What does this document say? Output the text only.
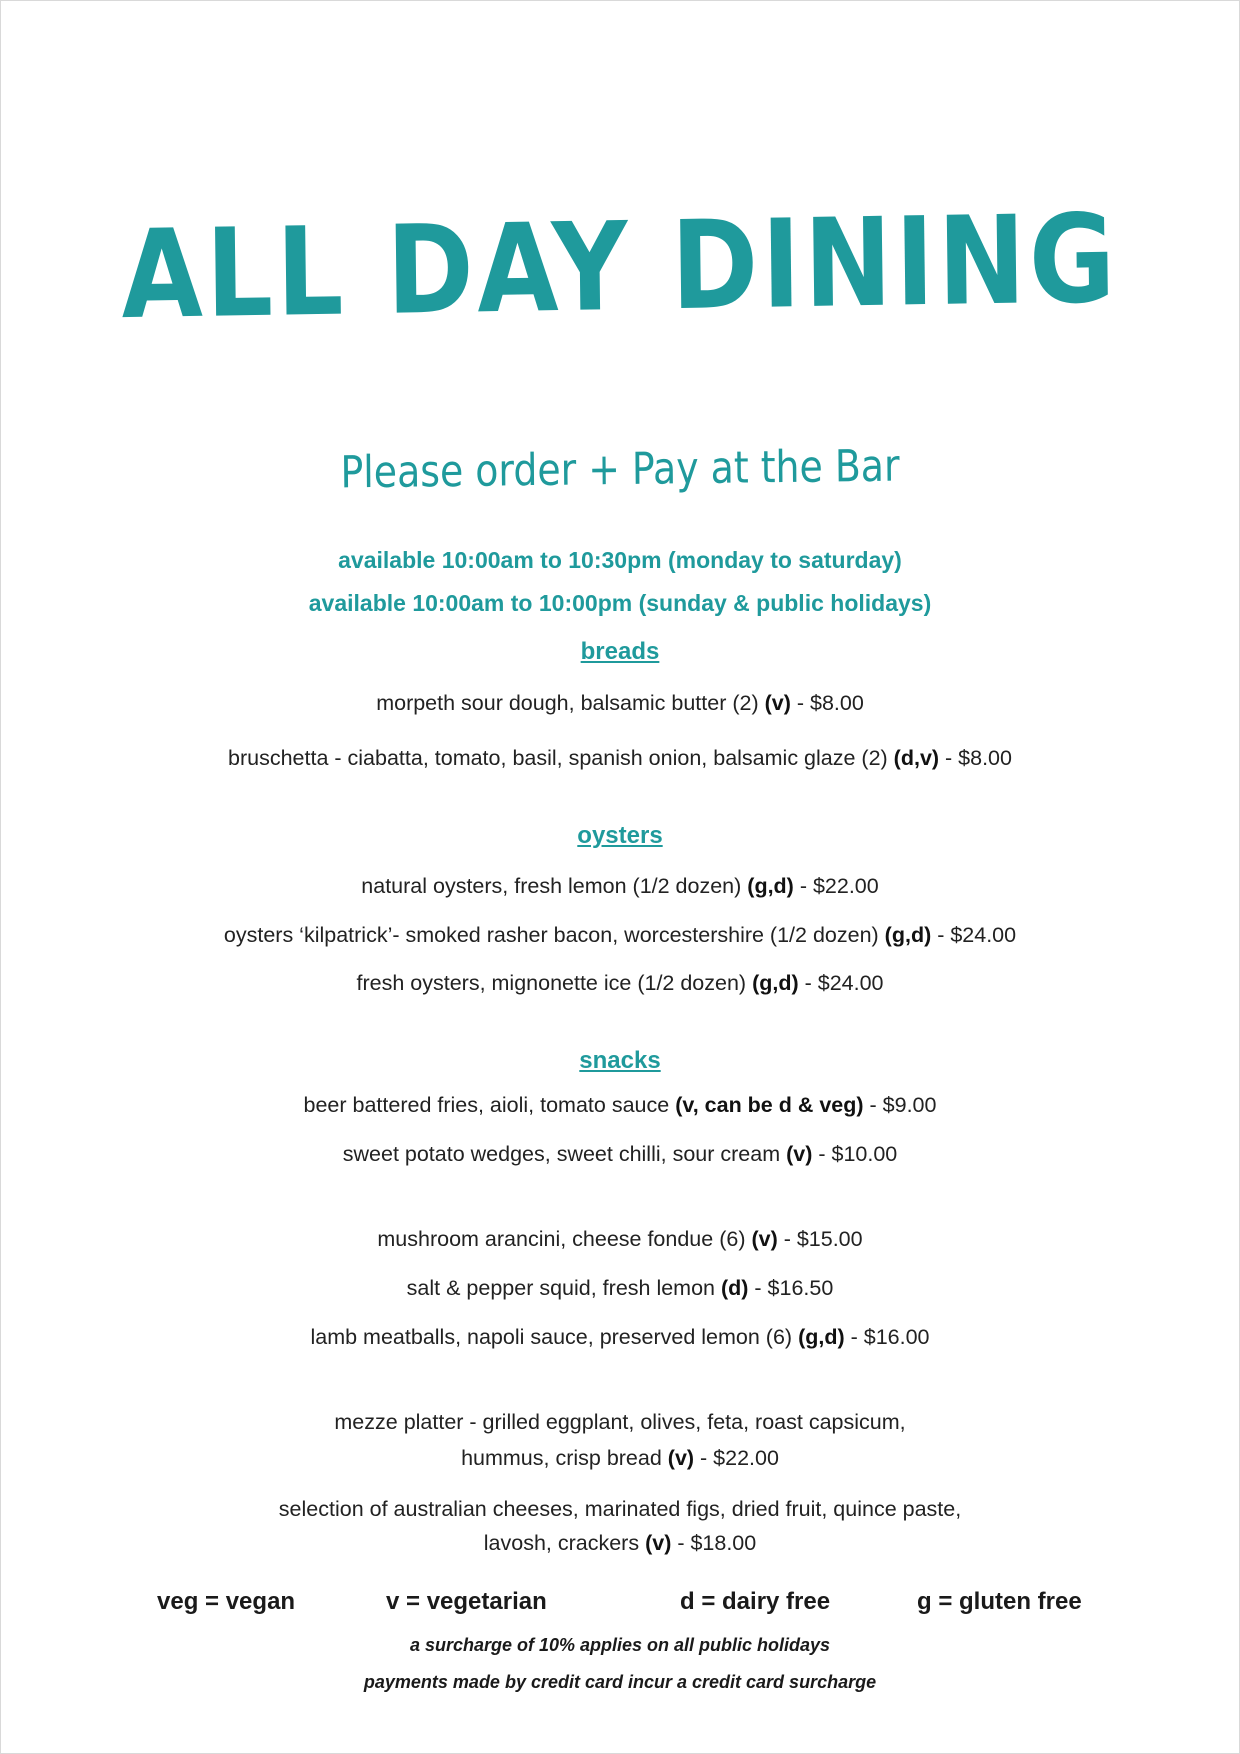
ALL DAY DINING
Please order + Pay at the Bar
available 10:00am to 10:30pm (monday to saturday)
available 10:00am to 10:00pm (sunday & public holidays)
breads
morpeth sour dough, balsamic butter (2) (v) - $8.00
bruschetta - ciabatta, tomato, basil, spanish onion, balsamic glaze (2) (d,v) - $8.00
oysters
natural oysters, fresh lemon (1/2 dozen) (g,d) - $22.00
oysters ‘kilpatrick’- smoked rasher bacon, worcestershire (1/2 dozen) (g,d) - $24.00
fresh oysters, mignonette ice (1/2 dozen) (g,d) - $24.00
snacks
beer battered fries, aioli, tomato sauce (v, can be d & veg) - $9.00
sweet potato wedges, sweet chilli, sour cream (v) - $10.00
mushroom arancini, cheese fondue (6) (v) - $15.00
salt & pepper squid, fresh lemon (d) - $16.50
lamb meatballs, napoli sauce, preserved lemon (6) (g,d) - $16.00
mezze platter - grilled eggplant, olives, feta, roast capsicum,
hummus, crisp bread (v) - $22.00
selection of australian cheeses, marinated figs, dried fruit, quince paste,
lavosh, crackers (v) - $18.00
veg = vegan	v = vegetarian	d = dairy free	g = gluten free
a surcharge of 10% applies on all public holidays
payments made by credit card incur a credit card surcharge
